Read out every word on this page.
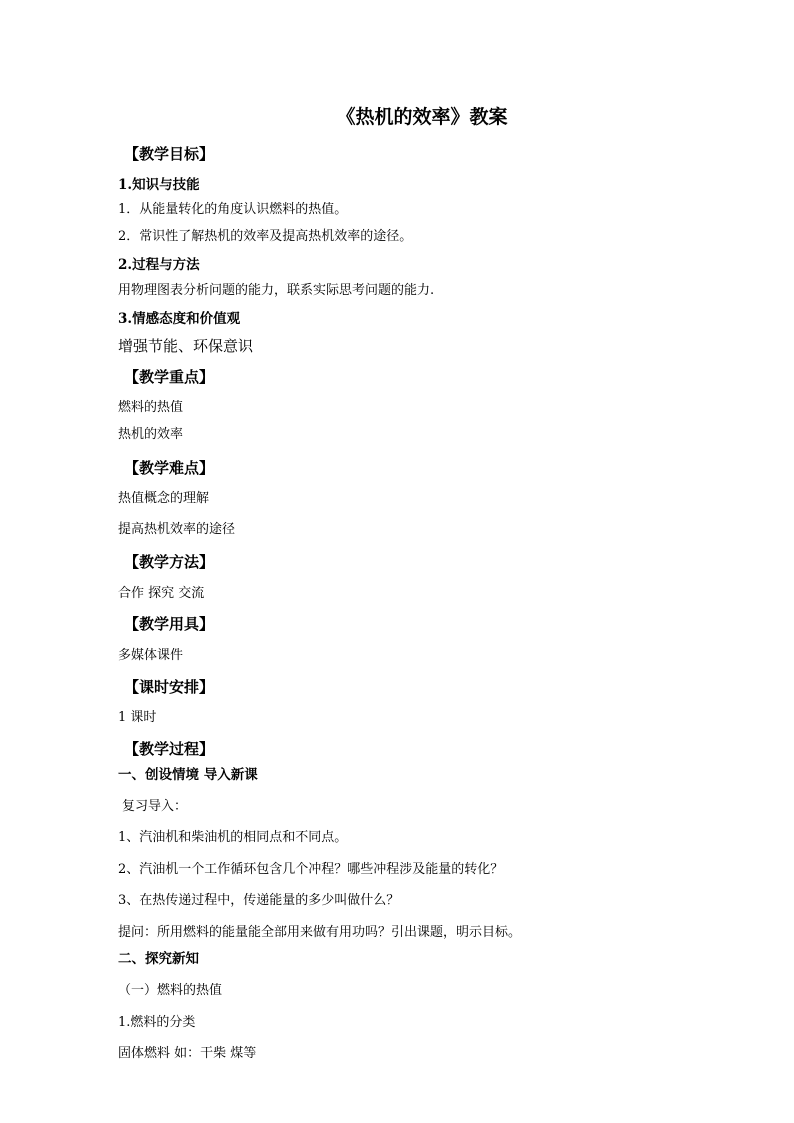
《热机的效率》教案
【教学目标】
1.知识与技能
1．从能量转化的角度认识燃料的热值。
2．常识性了解热机的效率及提高热机效率的途径。
2.过程与方法
用物理图表分析问题的能力，联系实际思考问题的能力.
3.情感态度和价值观
增强节能、环保意识
【教学重点】
燃料的热值
热机的效率
【教学难点】
热值概念的理解
提高热机效率的途径
【教学方法】
合作 探究 交流
【教学用具】
多媒体课件
【课时安排】
1 课时
【教学过程】
一、创设情境 导入新课
复习导入：
1、汽油机和柴油机的相同点和不同点。
2、汽油机一个工作循环包含几个冲程？哪些冲程涉及能量的转化？
3、在热传递过程中，传递能量的多少叫做什么？
提问：所用燃料的能量能全部用来做有用功吗？引出课题，明示目标。
二、探究新知
（一）燃料的热值
1.燃料的分类
固体燃料 如：干柴 煤等
